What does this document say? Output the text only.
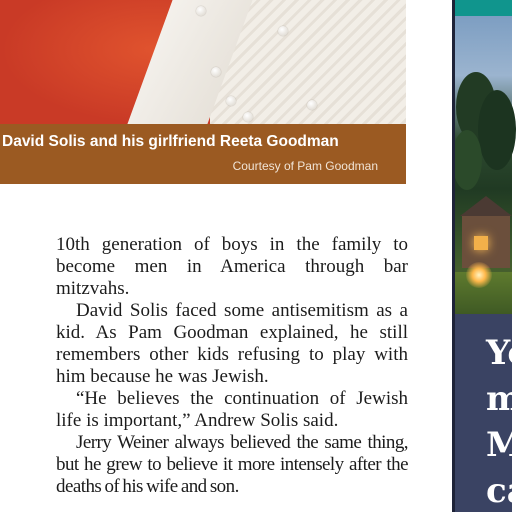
David Solis and his girlfriend Reeta Goodman
Courtesy of Pam Goodman

10th generation of boys in the family to become men in America through bar mitzvahs.

David Solis faced some antisemitism as a kid. As Pam Goodman explained, he still remembers other kids refusing to play with him because he was Jewish.

“He believes the continuation of Jewish life is important,” Andrew Solis said.

Jerry Weiner always believed the same thing, but he grew to believe it more intensely after the deaths of his wife and son.

Yo
m
M
ca
